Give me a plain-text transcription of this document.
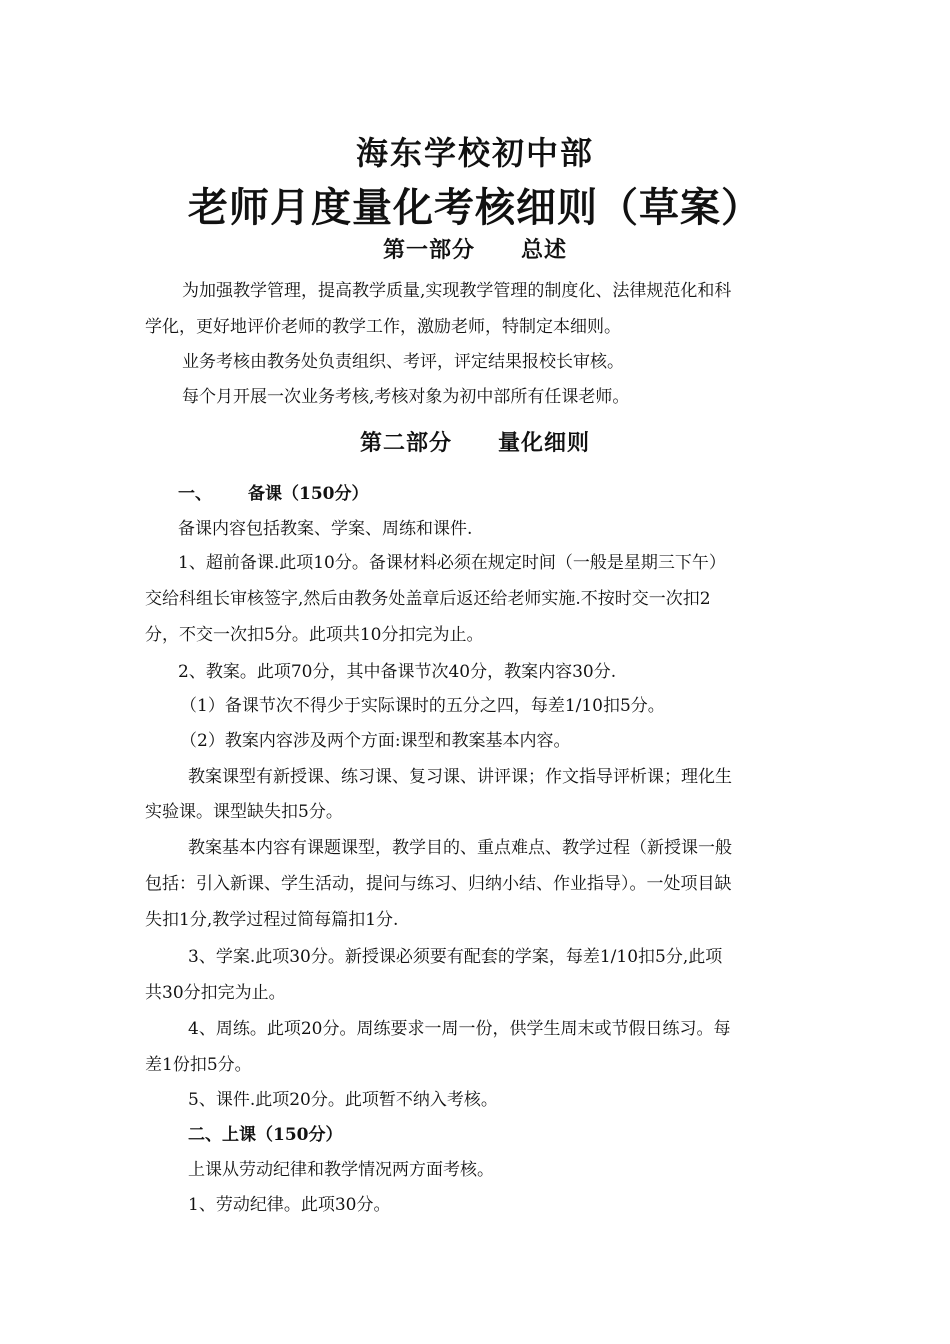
海东学校初中部
老师月度量化考核细则（草案）
第一部分 总述
为加强教学管理，提高教学质量,实现教学管理的制度化、法律规范化和科
学化，更好地评价老师的教学工作，激励老师，特制定本细则。
业务考核由教务处负责组织、考评，评定结果报校长审核。
每个月开展一次业务考核,考核对象为初中部所有任课老师。
第二部分 量化细则
一、 备课（150分）
备课内容包括教案、学案、周练和课件.
1、超前备课.此项10分。备课材料必须在规定时间（一般是星期三下午）
交给科组长审核签字,然后由教务处盖章后返还给老师实施.不按时交一次扣2
分，不交一次扣5分。此项共10分扣完为止。
2、教案。此项70分，其中备课节次40分，教案内容30分.
（1）备课节次不得少于实际课时的五分之四，每差1/10扣5分。
（2）教案内容涉及两个方面:课型和教案基本内容。
教案课型有新授课、练习课、复习课、讲评课；作文指导评析课；理化生
实验课。课型缺失扣5分。
教案基本内容有课题课型，教学目的、重点难点、教学过程（新授课一般
包括：引入新课、学生活动，提问与练习、归纳小结、作业指导）。一处项目缺
失扣1分,教学过程过简每篇扣1分.
3、学案.此项30分。新授课必须要有配套的学案，每差1/10扣5分,此项
共30分扣完为止。
4、周练。此项20分。周练要求一周一份，供学生周末或节假日练习。每
差1份扣5分。
5、课件.此项20分。此项暂不纳入考核。
二、上课（150分）
上课从劳动纪律和教学情况两方面考核。
1、劳动纪律。此项30分。
